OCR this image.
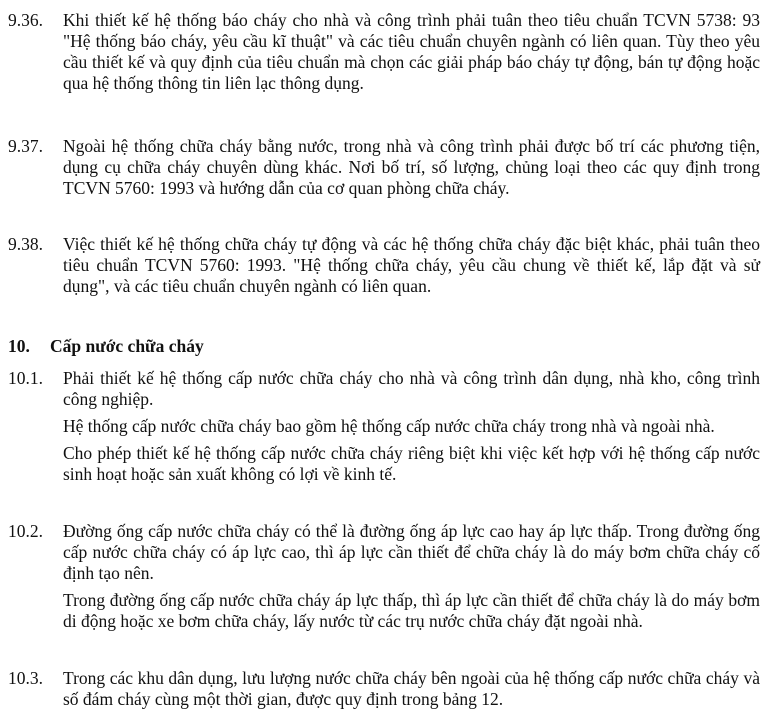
9.36. Khi thiết kế hệ thống báo cháy cho nhà và công trình phải tuân theo tiêu chuẩn TCVN 5738: 93 "Hệ thống báo cháy, yêu cầu kĩ thuật" và các tiêu chuẩn chuyên ngành có liên quan. Tùy theo yêu cầu thiết kế và quy định của tiêu chuẩn mà chọn các giải pháp báo cháy tự động, bán tự động hoặc qua hệ thống thông tin liên lạc thông dụng.

9.37. Ngoài hệ thống chữa cháy bằng nước, trong nhà và công trình phải được bố trí các phương tiện, dụng cụ chữa cháy chuyên dùng khác. Nơi bố trí, số lượng, chủng loại theo các quy định trong TCVN 5760: 1993 và hướng dẫn của cơ quan phòng chữa cháy.

9.38. Việc thiết kế hệ thống chữa cháy tự động và các hệ thống chữa cháy đặc biệt khác, phải tuân theo tiêu chuẩn TCVN 5760: 1993. "Hệ thống chữa cháy, yêu cầu chung về thiết kế, lắp đặt và sử dụng", và các tiêu chuẩn chuyên ngành có liên quan.

10. Cấp nước chữa cháy
10.1. Phải thiết kế hệ thống cấp nước chữa cháy cho nhà và công trình dân dụng, nhà kho, công trình công nghiệp.

Hệ thống cấp nước chữa cháy bao gồm hệ thống cấp nước chữa cháy trong nhà và ngoài nhà.

Cho phép thiết kế hệ thống cấp nước chữa cháy riêng biệt khi việc kết hợp với hệ thống cấp nước sinh hoạt hoặc sản xuất không có lợi về kinh tế.

10.2. Đường ống cấp nước chữa cháy có thể là đường ống áp lực cao hay áp lực thấp. Trong đường ống cấp nước chữa cháy có áp lực cao, thì áp lực cần thiết để chữa cháy là do máy bơm chữa cháy cố định tạo nên.

Trong đường ống cấp nước chữa cháy áp lực thấp, thì áp lực cần thiết để chữa cháy là do máy bơm di động hoặc xe bơm chữa cháy, lấy nước từ các trụ nước chữa cháy đặt ngoài nhà.

10.3. Trong các khu dân dụng, lưu lượng nước chữa cháy bên ngoài của hệ thống cấp nước chữa cháy và số đám cháy cùng một thời gian, được quy định trong bảng 12.
